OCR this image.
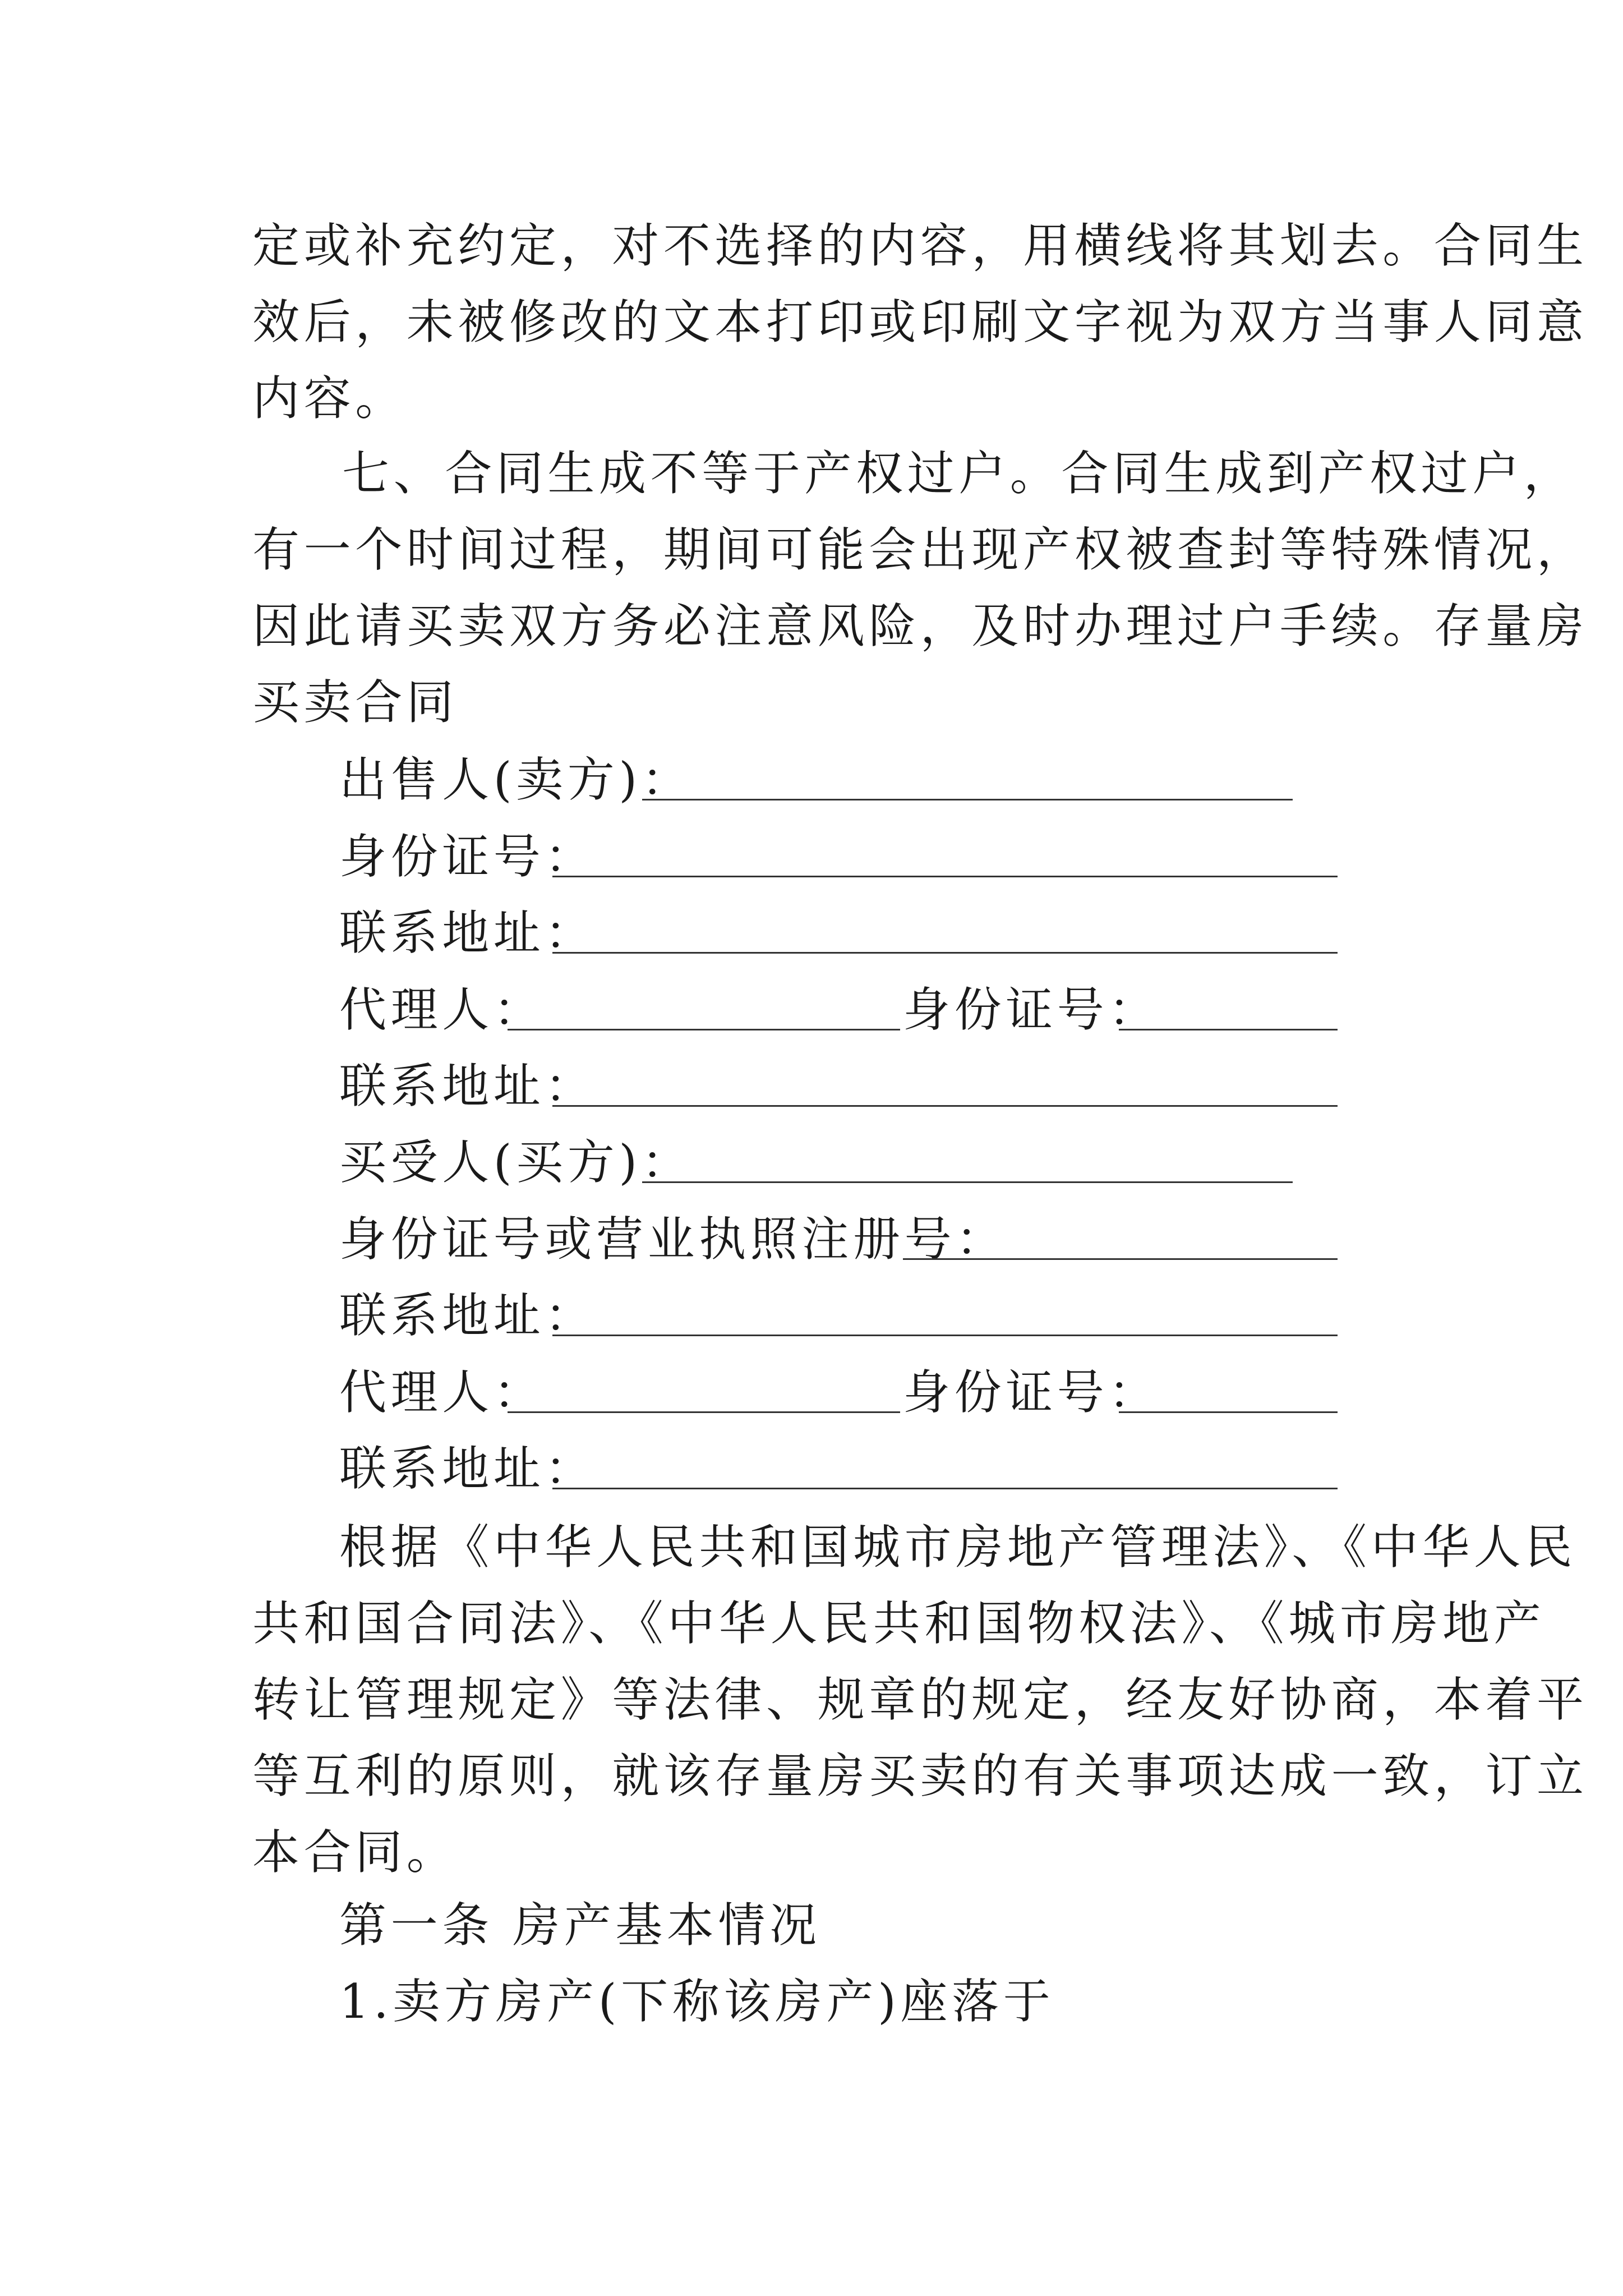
定或补充约定，对不选择的内容，用横线将其划去。合同生
效后，未被修改的文本打印或印刷文字视为双方当事人同意
内容。
七、合同生成不等于产权过户。合同生成到产权过户，
有一个时间过程，期间可能会出现产权被查封等特殊情况，
因此请买卖双方务必注意风险，及时办理过户手续。存量房
买卖合同
出售人(卖方)：
身份证号：
联系地址：
代理人：	身份证号：
联系地址：
买受人(买方)：
身份证号或营业执照注册号：
联系地址：
代理人：	身份证号：
联系地址：
根据《中华人民共和国城市房地产管理法》、《中华人民
共和国合同法》、《中华人民共和国物权法》、《城市房地产
转让管理规定》等法律、规章的规定，经友好协商，本着平
等互利的原则，就该存量房买卖的有关事项达成一致，订立
本合同。
第一条 房产基本情况
1.卖方房产(下称该房产)座落于
